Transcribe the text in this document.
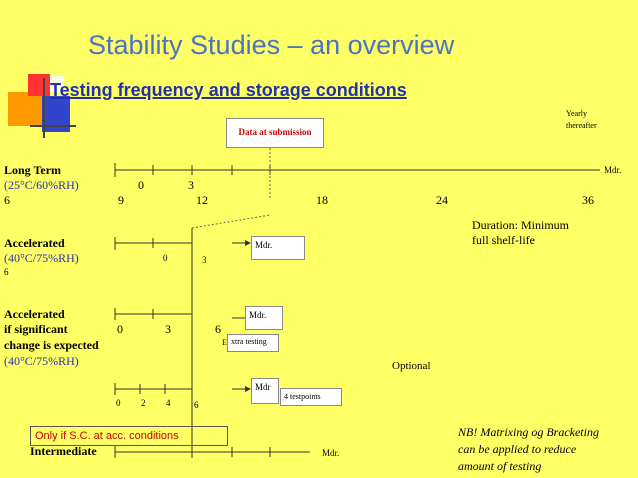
Stability Studies – an overview
Testing frequency and storage conditions
Data at submission
Yearly
thereafter
Long Term
(25°C/60%RH)	0	3
Mdr.
6	9	12	18	24	36
Duration: Minimum
full shelf-life
Accelerated
(40°C/75%RH)
6
0	3
Mdr.
Accelerated
if significant
change is expected
(40°C/75%RH)
0	3	6
E xtra testing
Mdr.
Optional
0 2 4	6
Mdr
4 testpoints
Only if S.C. at acc. conditions
Intermediate	Mdr.
NB! Matrixing og Bracketing
can be applied to reduce
amount of testing
